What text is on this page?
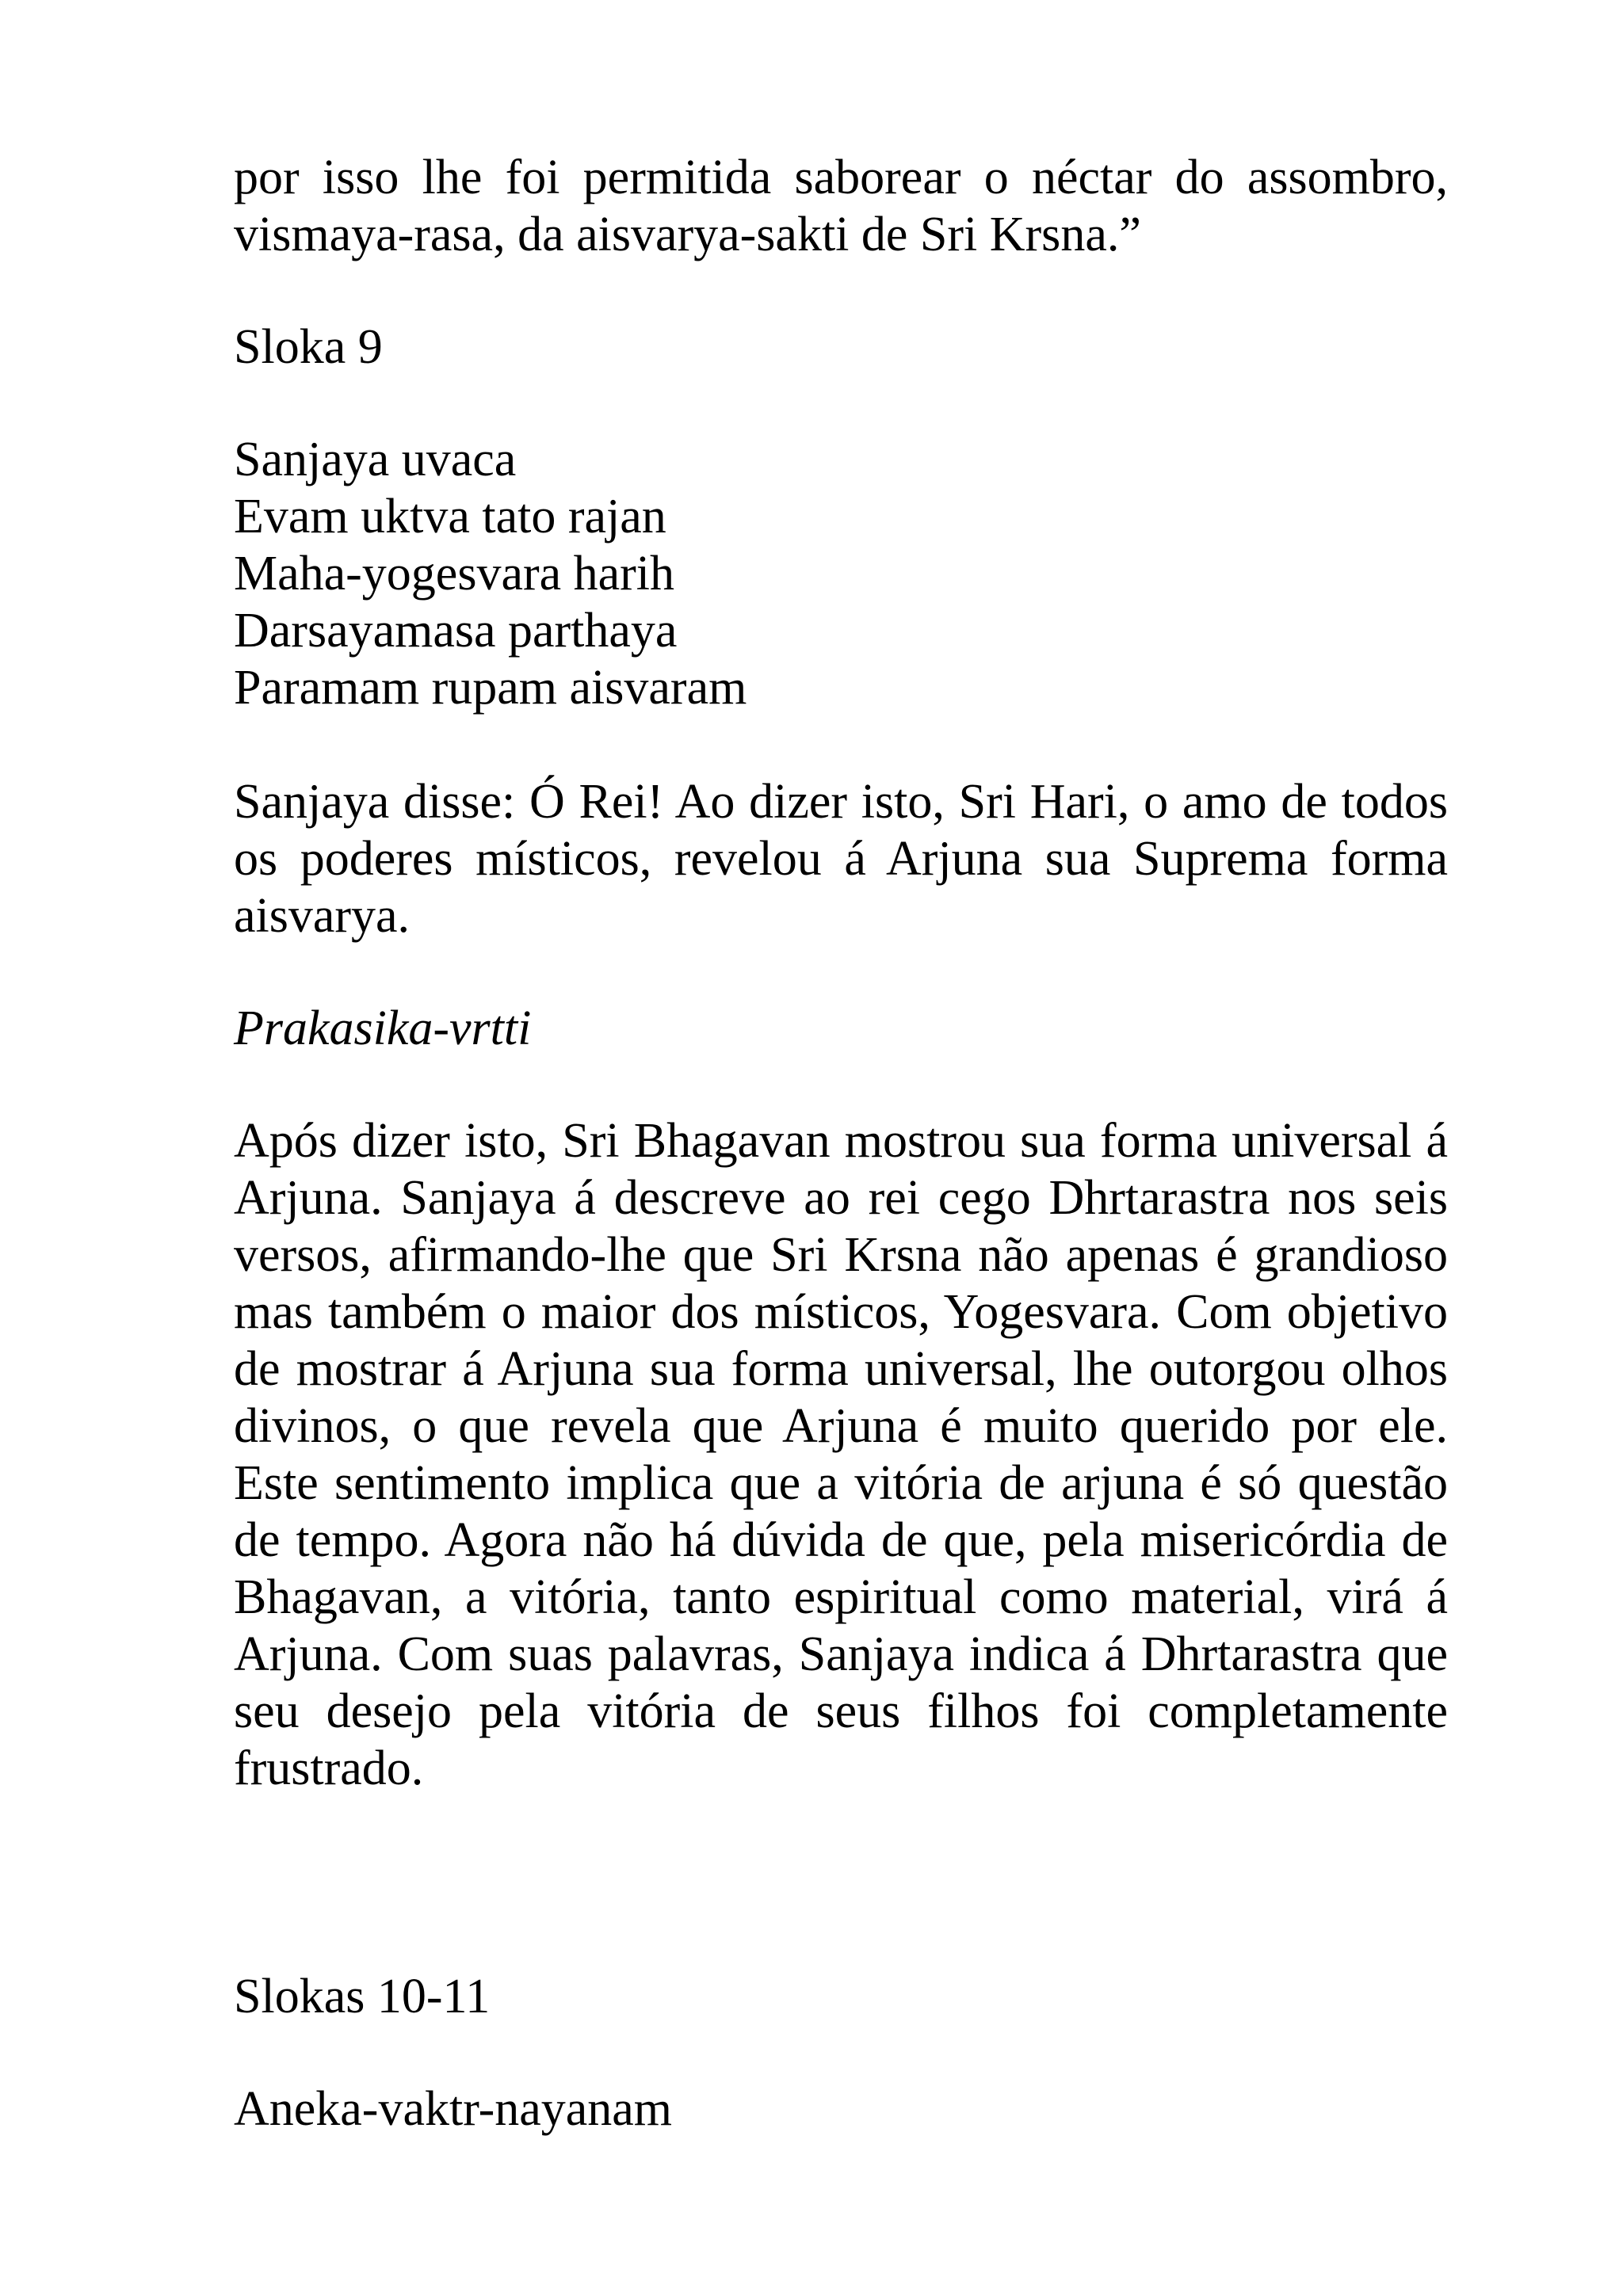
por isso lhe foi permitida saborear o néctar do assombro, vismaya-rasa, da aisvarya-sakti de Sri Krsna.”

Sloka 9

Sanjaya uvaca
Evam uktva tato rajan
Maha-yogesvara harih
Darsayamasa parthaya
Paramam rupam aisvaram

Sanjaya disse: Ó Rei! Ao dizer isto, Sri Hari, o amo de todos os poderes místicos, revelou á Arjuna sua Suprema forma aisvarya.

Prakasika-vrtti

Após dizer isto, Sri Bhagavan mostrou sua forma universal á Arjuna. Sanjaya á descreve ao rei cego Dhrtarastra nos seis versos, afirmando-lhe que Sri Krsna não apenas é grandioso mas também o maior dos místicos, Yogesvara. Com objetivo de mostrar á Arjuna sua forma universal, lhe outorgou olhos divinos, o que revela que Arjuna é muito querido por ele. Este sentimento implica que a vitória de arjuna é só questão de tempo. Agora não há dúvida de que, pela misericórdia de Bhagavan, a vitória, tanto espiritual como material, virá á Arjuna. Com suas palavras, Sanjaya indica á Dhrtarastra que seu desejo pela vitória de seus filhos foi completamente frustrado.

Slokas 10-11

Aneka-vaktr-nayanam
